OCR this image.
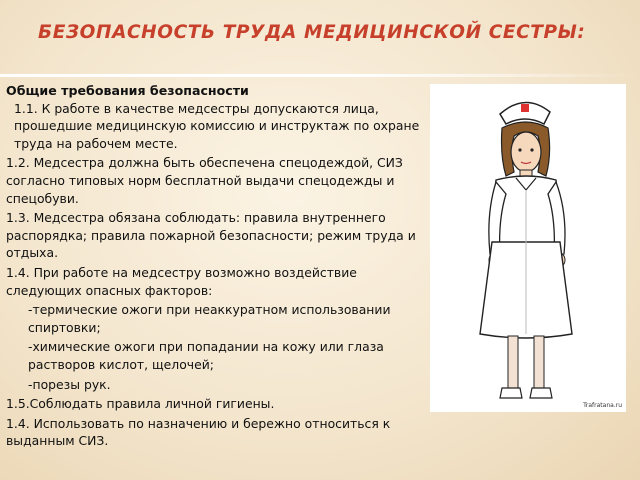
БЕЗОПАСНОСТЬ ТРУДА МЕДИЦИНСКОЙ СЕСТРЫ:

Общие требования безопасности

1.1. К работе в качестве медсестры допускаются лица, прошедшие медицинскую комиссию и инструктаж по охране труда на рабочем месте.

1.2. Медсестра должна быть обеспечена спецодеждой, СИЗ согласно типовых норм бесплатной выдачи спецодежды и спецобуви.

1.3. Медсестра обязана соблюдать: правила внутреннего распорядка; правила пожарной безопасности; режим труда и отдыха.

1.4. При работе на медсестру возможно воздействие следующих опасных факторов:

-термические ожоги при неаккуратном использовании спиртовки;

-химические ожоги при попадании на кожу или глаза растворов кислот, щелочей;

-порезы рук.

1.5.Соблюдать правила личной гигиены.

1.4. Использовать по назначению и бережно относиться к выданным СИЗ.

Trafratana.ru
